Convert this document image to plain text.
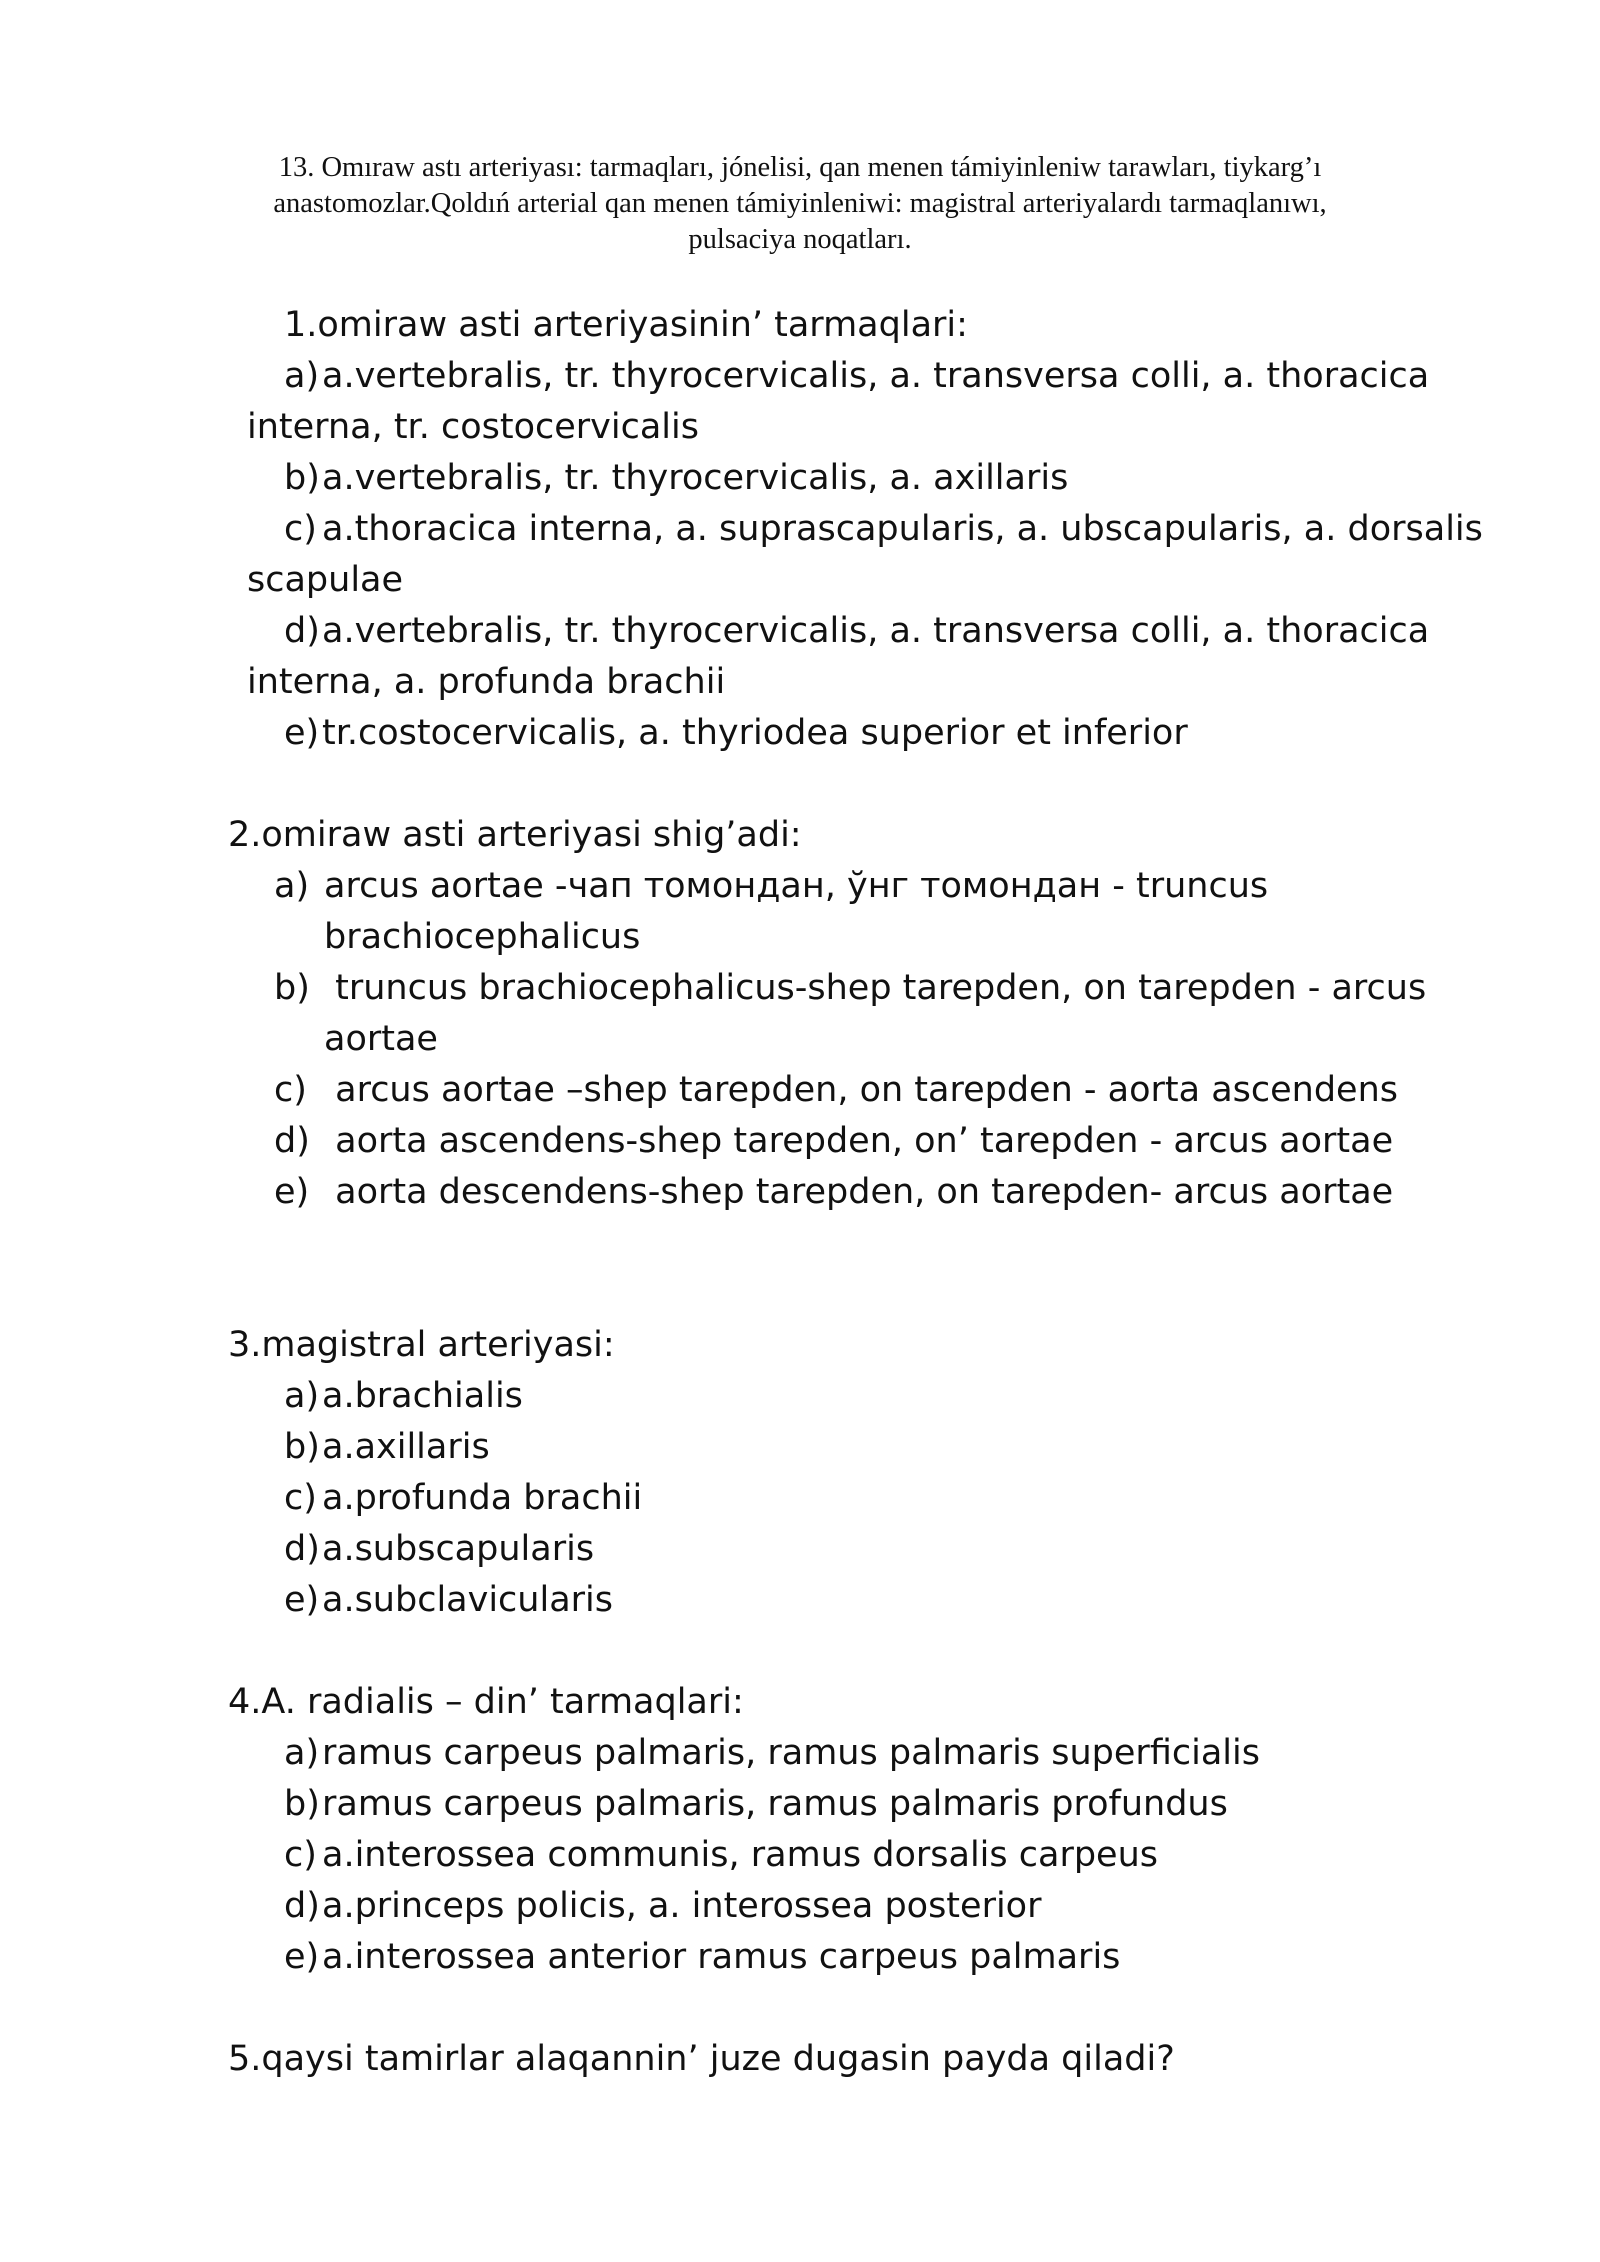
13. Omıraw astı arteriyası: tarmaqları, jónelisi, qan menen támiyinleniw tarawları, tiykarg’ı anastomozlar.Qoldıń arterial qan menen támiyinleniwi: magistral arteriyalardı tarmaqlanıwı, pulsaciya noqatları.
1.omiraw asti arteriyasinin’ tarmaqlari:
a)a.vertebralis, tr. thyrocervicalis, a. transversa colli, a. thoracica
interna, tr. costocervicalis
b)a.vertebralis, tr. thyrocervicalis, a. axillaris
c) a.thoracica interna, a. suprascapularis, a. ubscapularis, a. dorsalis
scapulae
d)a.vertebralis, tr. thyrocervicalis, a. transversa colli, a. thoracica
interna, a. profunda brachii
e)tr.costocervicalis, a. thyriodea superior et inferior
2.omiraw asti arteriyasi shig’adi:
a) arcus aortae -чап томондан, ўнг томондан - truncus
brachiocephalicus
b) truncus brachiocephalicus-shep tarepden, on tarepden - arcus
aortae
c) arcus aortae –shep tarepden, on tarepden - aorta ascendens
d) aorta ascendens-shep tarepden, on’ tarepden - arcus aortae
e) aorta descendens-shep tarepden, on tarepden- arcus aortae
3.magistral arteriyasi:
a)a.brachialis
b)a.axillaris
c) a.profunda brachii
d)a.subscapularis
e)a.subclavicularis
4.A. radialis – din’ tarmaqlari:
a)ramus carpeus palmaris, ramus palmaris superficialis
b)ramus carpeus palmaris, ramus palmaris profundus
c) a.interossea communis, ramus dorsalis carpeus
d)a.princeps policis, a. interossea posterior
e)a.interossea anterior ramus carpeus palmaris
5.qaysi tamirlar alaqannin’ juze dugasin payda qiladi?
